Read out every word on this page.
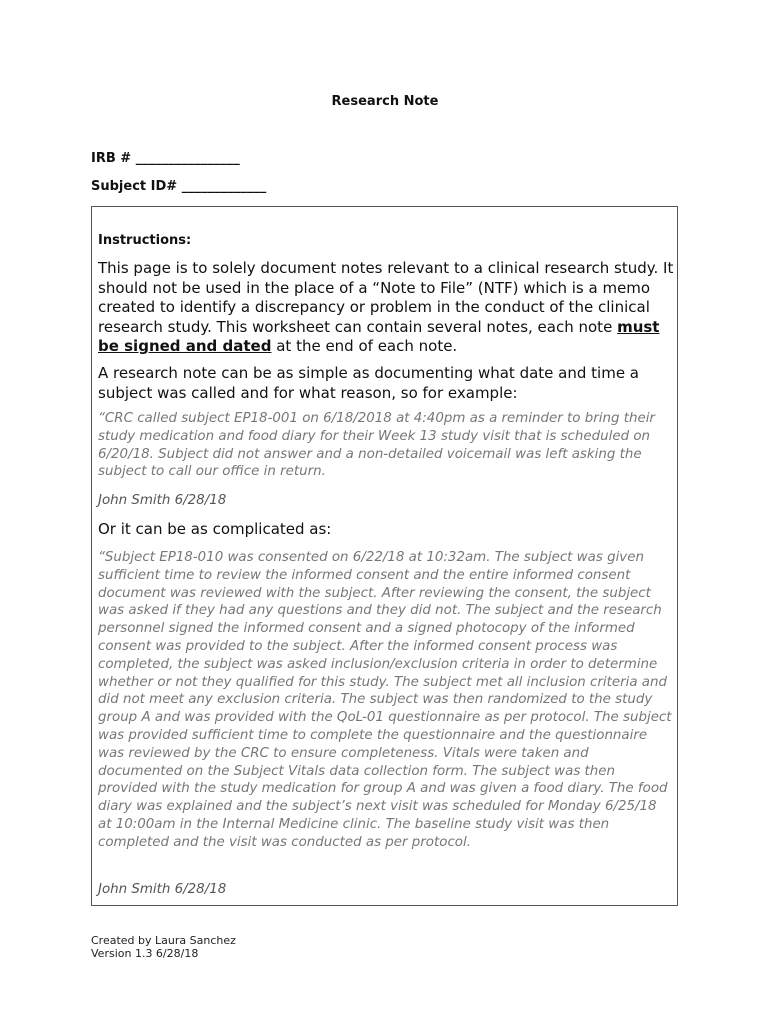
Research Note
IRB # ________________
Subject ID# _____________
Instructions:
This page is to solely document notes relevant to a clinical research study. It should not be used in the place of a “Note to File” (NTF) which is a memo created to identify a discrepancy or problem in the conduct of the clinical research study. This worksheet can contain several notes, each note must be signed and dated at the end of each note.
A research note can be as simple as documenting what date and time a subject was called and for what reason, so for example:
“CRC called subject EP18-001 on 6/18/2018 at 4:40pm as a reminder to bring their study medication and food diary for their Week 13 study visit that is scheduled on 6/20/18. Subject did not answer and a non-detailed voicemail was left asking the subject to call our office in return.
John Smith 6/28/18
Or it can be as complicated as:
“Subject EP18-010 was consented on 6/22/18 at 10:32am. The subject was given sufficient time to review the informed consent and the entire informed consent document was reviewed with the subject. After reviewing the consent, the subject was asked if they had any questions and they did not. The subject and the research personnel signed the informed consent and a signed photocopy of the informed consent was provided to the subject. After the informed consent process was completed, the subject was asked inclusion/exclusion criteria in order to determine whether or not they qualified for this study. The subject met all inclusion criteria and did not meet any exclusion criteria. The subject was then randomized to the study group A and was provided with the QoL-01 questionnaire as per protocol. The subject was provided sufficient time to complete the questionnaire and the questionnaire was reviewed by the CRC to ensure completeness. Vitals were taken and documented on the Subject Vitals data collection form. The subject was then provided with the study medication for group A and was given a food diary. The food diary was explained and the subject’s next visit was scheduled for Monday 6/25/18 at 10:00am in the Internal Medicine clinic. The baseline study visit was then completed and the visit was conducted as per protocol.
John Smith 6/28/18
Created by Laura Sanchez
Version 1.3 6/28/18
